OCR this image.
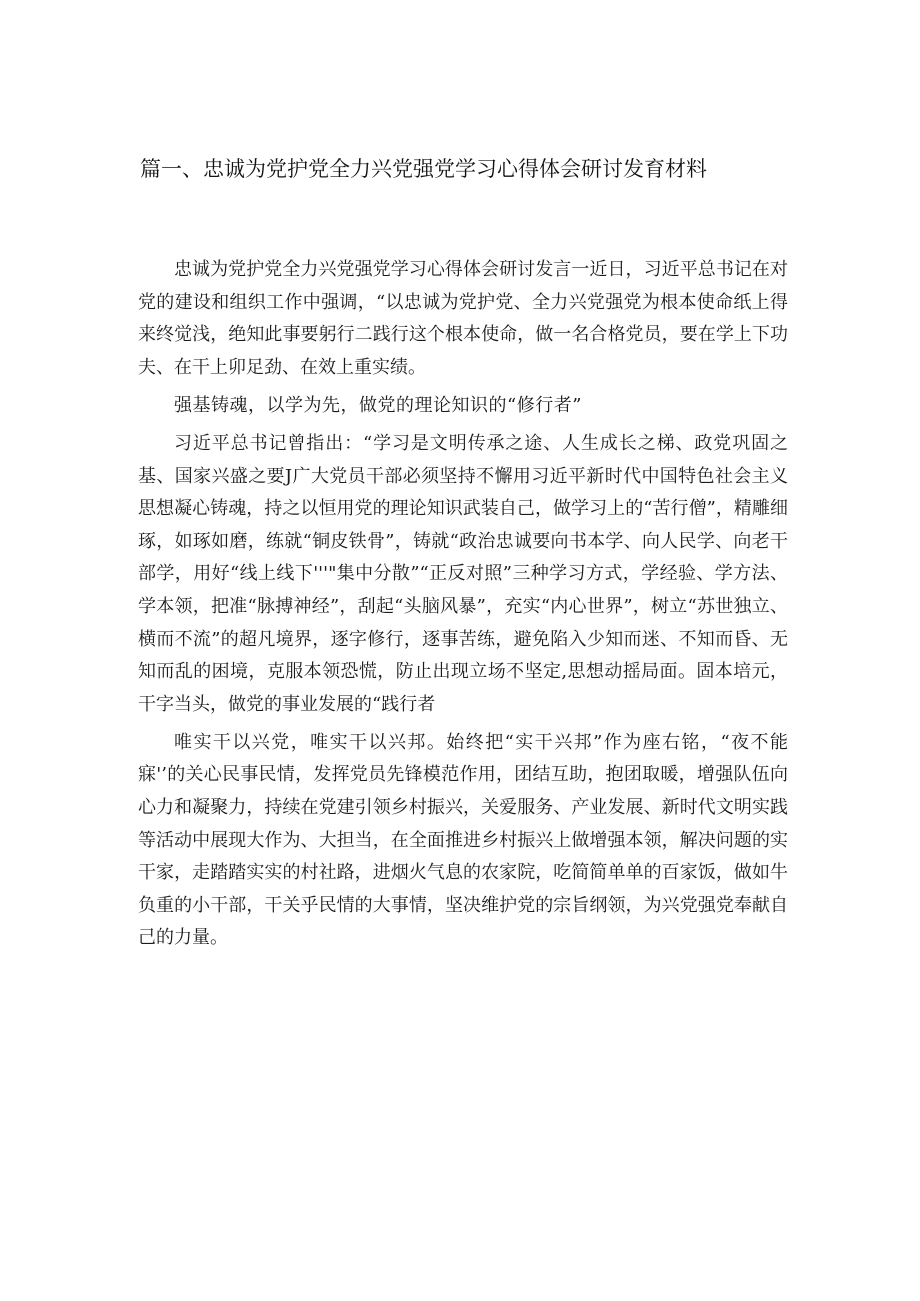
篇一、忠诚为党护党全力兴党强党学习心得体会研讨发育材料

忠诚为党护党全力兴党强党学习心得体会研讨发言一近日，习近平总书记在对党的建设和组织工作中强调，“以忠诚为党护党、全力兴党强党为根本使命纸上得来终觉浅，绝知此事要躬行二践行这个根本使命，做一名合格党员，要在学上下功夫、在干上卯足劲、在效上重实绩。

强基铸魂，以学为先，做党的理论知识的“修行者”

习近平总书记曾指出：“学习是文明传承之途、人生成长之梯、政党巩固之基、国家兴盛之要J广大党员干部必须坚持不懈用习近平新时代中国特色社会主义思想凝心铸魂，持之以恒用党的理论知识武装自己，做学习上的“苦行僧”，精雕细琢，如琢如磨，练就“铜皮铁骨”，铸就“政治忠诚要向书本学、向人民学、向老干部学，用好“线上线下'''"集中分散”“正反对照”三种学习方式，学经验、学方法、学本领，把准“脉搏神经”，刮起“头脑风暴”，充实“内心世界”，树立“苏世独立、横而不流”的超凡境界，逐字修行，逐事苦练，避免陷入少知而迷、不知而昏、无知而乱的困境，克服本领恐慌，防止出现立场不坚定,思想动摇局面。固本培元，干字当头，做党的事业发展的“践行者

唯实干以兴党，唯实干以兴邦。始终把“实干兴邦”作为座右铭，“夜不能寐'’的关心民事民情，发挥党员先锋模范作用，团结互助，抱团取暖，增强队伍向心力和凝聚力，持续在党建引领乡村振兴，关爱服务、产业发展、新时代文明实践等活动中展现大作为、大担当，在全面推进乡村振兴上做增强本领，解决问题的实干家，走踏踏实实的村社路，进烟火气息的农家院，吃简简单单的百家饭，做如牛负重的小干部，干关乎民情的大事情，坚决维护党的宗旨纲领，为兴党强党奉献自己的力量。
